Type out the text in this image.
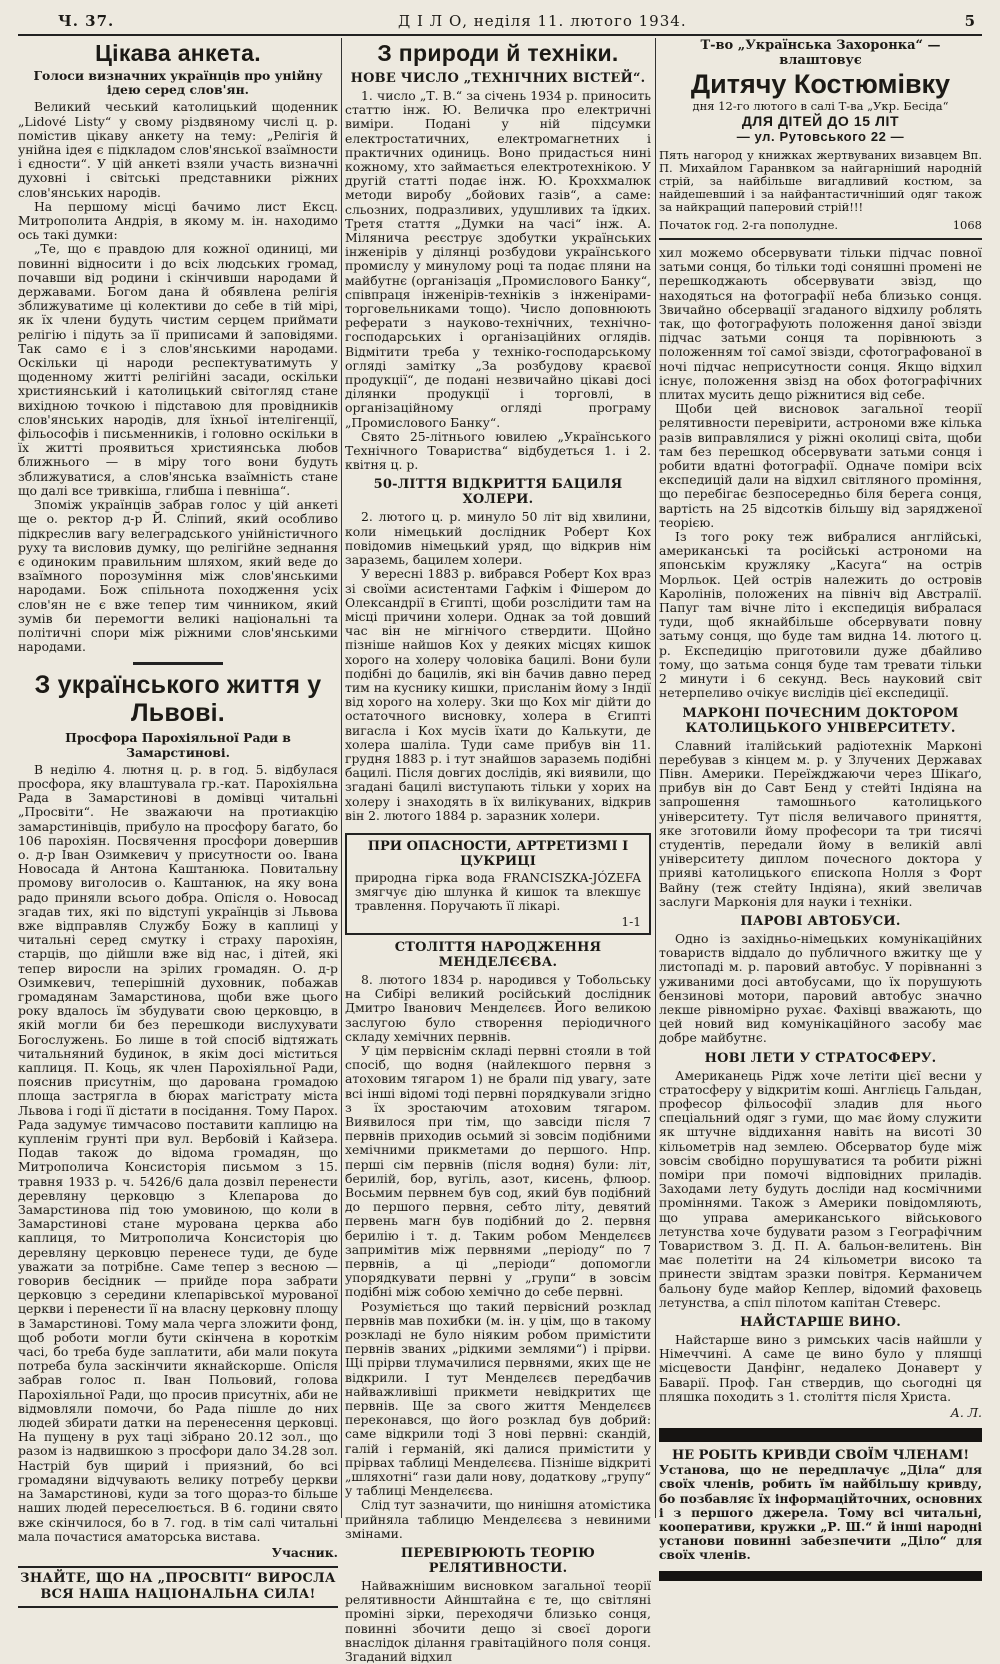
Ч. 37.	Д І Л О, неділя 11. лютого 1934.	5
Цікава анкета.
Голоси визначних українців про унійну ідею серед слов'ян.

Великий чеський католицький щоденник „Lidové Listy“ у свому різдвяному числі ц. р. помістив цікаву анкету на тему: „Релігія й унійна ідея є підкладом слов'янської взаїмности і єдности“. У цій анкеті взяли участь визначні духовні і світські представники ріжних слов'янських народів.

На першому місці бачимо лист Ексц. Митрополита Андрія, в якому м. ін. находимо ось такі думки:

„Те, що є правдою для кожної одиниці, ми повинні відносити і до всіх людських громад, почавши від родини і скінчивши народами й державами. Богом дана й обявлена релігія зближуватиме ці колективи до себе в тій мірі, як їх члени будуть чистим серцем приймати релігію і підуть за її приписами й заповідями. Так само є і з слов'янськими народами. Оскільки ці народи респектуватимуть у щоденному житті релігійні засади, оскільки християнський і католицький світогляд стане вихідною точкою і підставою для провідників слов'янських народів, для їхньої інтелігенції, фільософів і письменників, і головно оскільки в їх житті проявиться християнська любов ближнього — в міру того вони будуть зближуватися, а слов'янська взаїмність стане що далі все тривкіша, глибша і певніша“.

Зпоміж українців забрав голос у цій анкеті ще о. ректор д-р Й. Сліпий, який особливо підкреслив вагу велеградського унійністичного руху та висловив думку, що релігійне зеднання є одиноким правильним шляхом, який веде до взаїмного порозуміння між слов'янськими народами. Бож спільнота походження усіх слов'ян не є вже тепер тим чинником, який зумів би перемогти великі національні та політичні спори між ріжними слов'янськими народами.

З українського життя у Львові.
Просфора Парохіяльної Ради в Замарстинові.

В неділю 4. лютня ц. р. в год. 5. відбулася просфора, яку влаштувала гр.-кат. Парохіяльна Рада в Замарстинові в домівці читальні „Просвіти“. Не зважаючи на протиакцію замарстинівців, прибуло на просфору багато, бо 106 парохіян. Посвячення просфори довершив о. д-р Іван Озимкевич у присутности оо. Івана Новосада й Антона Каштанюка. Повитальну промову виголосив о. Каштанюк, на яку вона радо приняли всього добра. Опісля о. Новосад згадав тих, які по відступі українців зі Львова вже відправляв Службу Божу в каплиці у читальні серед смутку і страху парохіян, старців, що дійшли вже від нас, і дітей, які тепер виросли на зрілих громадян. О. д-р Озимкевич, теперішній духовник, побажав громадянам Замарстинова, щоби вже цього року вдалось їм збудувати свою церковцю, в якій могли би без перешкоди вислухувати Богослужень. Бо лише в той спосіб відтяжать читальняний будинок, в якім досі міститься каплиця. П. Коць, як член Парохіяльної Ради, пояснив присутнім, що дарована громадою площа застрягла в бюрах магістрату міста Львова і годі її дістати в посідання. Тому Парох. Рада задумує тимчасово поставити каплицю на купленім грунті при вул. Вербовій і Кайзера. Подав також до відома громадян, що Митрополича Консисторія письмом з 15. травня 1933 р. ч. 5426/6 дала дозвіл перенести деревляну церковцю з Клепарова до Замарстинова під тою умовиною, що коли в Замарстинові стане мурована церква або каплиця, то Митрополича Консисторія цю деревляну церковцю перенесе туди, де буде уважати за потрібне. Саме тепер з весною — говорив бесідник — прийде пора забрати церковцю з середини клепарівської мурованої церкви і перенести її на власну церковну площу в Замарстинові. Тому мала черга зложити фонд, щоб роботи могли бути скінчена в короткім часі, бо треба буде заплатити, аби мали покута потреба була заскінчити якнайскорше. Опісля забрав голос п. Іван Польовий, голова Парохіяльної Ради, що просив присутніх, аби не відмовляли помочи, бо Рада пішле до них людей збирати датки на перенесення церковці. На пущену в рух таці зібрано 20.12 зол., що разом із надвишкою з просфори дало 34.28 зол. Настрій був щирий і приязний, бо всі громадяни відчувають велику потребу церкви на Замарстинові, куди за того щораз-то більше наших людей переселюється. В 6. години свято вже скінчилося, бо в 7. год. в тім салі читальні мала почастися аматорська вистава.

Учасник.
ЗНАЙТЕ, ЩО НА „ПРОСВІТІ“ ВИРОСЛА ВСЯ НАША НАЦІОНАЛЬНА СИЛА!
З природи й техніки.
НОВЕ ЧИСЛО „ТЕХНІЧНИХ ВІСТЕЙ“.

1. число „Т. В.“ за січень 1934 р. приносить статтю інж. Ю. Величка про електричні виміри. Подані у ній підсумки електростатичних, електромагнетних і практичних одиниць. Воно придасться нині кожному, хто займається електротехнікою. У другій статті подає інж. Ю. Кроххмалюк методи виробу „бойових газів“, а саме: сльозних, подразливих, удушливих та їдких. Третя стаття „Думки на часі“ інж. А. Мілянича реєструє здобутки українських інженірів у ділянці розбудови українського промислу у минулому році та подає пляни на майбутнє (організація „Промислового Банку“, співпраця інженірів-техніків з інженірами-торговельниками тощо). Число доповнюють реферати з науково-технічних, технічно-господарських і організаційних оглядів. Відмітити треба у техніко-господарському огляді замітку „За розбудову краєвої продукції“, де подані незвичайно цікаві досі ділянки продукції і торговлі, в організаційному огляді програму „Промислового Банку“.

Свято 25-літнього ювилею „Українського Технічного Товариства“ відбудеться 1. і 2. квітня ц. р.

50-ЛІТТЯ ВІДКРИТТЯ БАЦИЛЯ ХОЛЕРИ.

2. лютого ц. р. минуло 50 літ від хвилини, коли німецький дослідник Роберт Кох повідомив німецький уряд, що відкрив нім зараземь, бацилем холери.

У вересні 1883 р. вибрався Роберт Кох враз зі своїми асистентами Гафкім і Фішером до Олександрії в Єгипті, щоби розслідити там на місці причини холери. Однак за той довший час він не мігнічого ствердити. Щойно пізніше найшов Кох у деяких місцях кишок хорого на холеру чоловіка бацилі. Вони були подібні до бацилів, які він бачив давно перед тим на куснику кишки, присланім йому з Індії від хорого на холеру. Зки що Кох міг дійти до остаточного висновку, холера в Єгипті вигасла і Кох мусів їхати до Калькути, де холера шаліла. Туди саме прибув він 11. грудня 1883 р. і тут знайшов зараземь подібні бацилі. Після довгих дослідів, які виявили, що згадані бацилі виступають тільки у хорих на холеру і знаходять в їх вилікуваних, відкрив він 2. лютого 1884 р. заразник холери.

ПРИ ОПАСНОСТИ, АРТРЕТИЗМІ І ЦУКРИЦІ

природна гірка вода FRANCISZKA-JÓZEFA змягчує дію шлунка й кишок та влекшує травлення. Поручають її лікарі.

1-1
СТОЛІТТЯ НАРОДЖЕННЯ МЕНДЕЛЄЄВА.

8. лютого 1834 р. народився у Тобольську на Сибірі великий російський дослідник Дмитро Іванович Менделєєв. Його великою заслугою було створення періодичного складу хемічних первнів.

У цім первіснім складі первні стояли в той спосіб, що водня (найлекшого первня з атоховим тягаром 1) не брали під увагу, зате всі інші відомі тоді первні порядкували згідно з їх зростаючим атоховим тягаром. Виявилося при тім, що завсіди після 7 первнів приходив осьмий зі зовсім подібними хемічними прикметами до першого. Нпр. перші сім первнів (після водня) були: літ, берилій, бор, вугіль, азот, кисень, флюор. Восьмим первнем був сод, який був подібний до першого первня, себто літу, девятий первень магн був подібний до 2. первня берилію і т. д. Таким робом Менделєєв запримітив між первнями „періоду“ по 7 первнів, а ці „періоди“ допомогли упорядкувати первні у „групи“ в зовсім подібні між собою хемічно до себе первні.

Розуміється що такий первісний розклад первнів мав похибки (м. ін. у цім, що в такому розкладі не було ніяким робом примістити первнів званих „рідкими землями“) і прірви. Щі прірви тлумачилися первнями, яких ще не відкрили. І тут Менделєєв передбачив найважливіші прикмети невідкритих ще первнів. Ще за свого життя Менделєєв переконався, що його розклад був добрий: саме відкрили тоді 3 нові первні: скандій, галій і германій, які далися примістити у прірвах таблиці Менделєєва. Пізніше відкриті „шляхотні“ гази дали нову, додаткову „групу“ у таблиці Менделєєва.

Слід тут зазначити, що нинішня атомістика прийняла таблицю Менделєєва з невиними змінами.

ПЕРЕВІРЮЮТЬ ТЕОРІЮ РЕЛЯТИВНОСТИ.

Найважнішим висновком загальної теорії релятивности Айнштайна є те, що світляні проміні зірки, переходячи близько сонця, повинні збочити дещо зі своєї дороги внаслідок ділання гравітаційного поля сонця. Згаданий відхил

Т-во „Українська Захоронка“ — влаштовує
Дитячу Костюмівку
дня 12-го лютого в салі Т-ва „Укр. Бесіда“
ДЛЯ ДІТЕЙ ДО 15 ЛІТ
— ул. Рутовського 22 —
Пять нагород у книжках жертвуваних визавцем Вп. П. Михайлом Гаранвком за найгарніший народній стрій, за найбільше вигадливий костюм, за найдешевший і за найфантастичніший одяг також за найкращий паперовий стрій!!!
Початок год. 2-га пополудне.	1068

хил можемо обсервувати тільки підчас повної затьми сонця, бо тільки тоді соняшні промені не перешкоджають обсервувати звізд, що находяться на фотографії неба близько сонця. Звичайно обсервації згаданого відхилу роблять так, що фотографують положення даної звізди підчас затьми сонця та порівнюють з положенням тої самої звізди, сфотографованої в ночі підчас неприсутности сонця. Якщо відхил існує, положення звізд на обох фотографічних плитах мусить дещо ріжнитися від себе.

Щоби цей висновок загальної теорії релятивности перевірити, астрономи вже кілька разів виправлялися у ріжні околиці світа, щоби там без перешкод обсервувати затьми сонця і робити вдатні фотографії. Одначе поміри всіх експедицій дали на відхил світляного проміння, що перебігає безпосередньо біля берега сонця, вартість на 25 відсотків більшу від зарядженої теорією.

Із того року теж вибралися англійські, американські та російські астрономи на японськім кружляку „Касуга“ на острів Морльок. Цей острів належить до островів Каролінів, положених на північ від Австралії. Папуг там вічне літо і експедиція вибралася туди, щоб якнайбільше обсервувати повну затьму сонця, що буде там видна 14. лютого ц. р. Експедицію приготовили дуже дбайливо тому, що затьма сонця буде там тревати тільки 2 минути і 6 секунд. Весь науковий світ нетерпеливо очікує вислідів цієї експедиції.

МАРКОНІ ПОЧЕСНИМ ДОКТОРОМ КАТОЛИЦЬКОГО УНІВЕРСИТЕТУ.

Славний італійський радіотехнік Марконі перебував з кінцем м. р. у Злучених Державах Півн. Америки. Переїжджаючи через Шікаґо, прибув він до Савт Бенд у стейті Індіяна на запрошення тамошнього католицького університету. Тут після величавого приняття, яке зготовили йому професори та три тисячі студентів, передали йому в великій авлі університету диплом почесного доктора у прияві католицького єпископа Нолля з Форт Вайну (теж стейту Індіяна), який звеличав заслуги Марконія для науки і техніки.

ПАРОВІ АВТОБУСИ.

Одно із західньо-німецьких комунікаційних товариств віддало до публичного вжитку ще у листопаді м. р. паровий автобус. У порівнанні з уживаними досі автобусами, що їх порушують бензинові мотори, паровий автобус значно лекше рівномірно рухає. Фахівці вважають, що цей новий вид комунікаційного засобу має добре майбутнє.

НОВІ ЛЕТИ У СТРАТОСФЕРУ.

Американець Рідж хоче летіти цієї весни у стратосферу у відкритім коші. Англієць Гальдан, професор фільософії зладив для нього спеціальний одяг з гуми, що має йому служити як штучне віддихання навіть на висоті 30 кільометрів над землею. Обсерватор буде між зовсім свобідно порушуватися та робити ріжні поміри при помочі відповідних приладів. Заходами лету будуть досліди над космічними проміннями. Також з Америки повідомляють, що управа американського військового летунства хоче будувати разом з Географічним Товариством З. Д. П. А. бальон-велитень. Він має полетіти на 24 кільометри високо та принести звідтам зразки повітря. Керманичем бальону буде майор Кеплер, відомий фаховець летунства, а спіл пілотом капітан Стеверс.

НАЙСТАРШЕ ВИНО.

Найстарше вино з римських часів найшли у Німеччині. А саме це вино було у пляшці місцевости Данфінг, недалеко Донаверт у Баварії. Проф. Ган ствердив, що сьогодні ця пляшка походить з 1. століття після Христа.

А. Л.
НЕ РОБІТЬ КРИВДИ СВОЇМ ЧЛЕНАМ!

Установа, що не передплачує „Діла“ для своїх членів, робить їм найбільшу кривду, бо позбавляє їх інформаційточних, основних і з першого джерела. Тому всі читальні, кооперативи, кружки „Р. Ш.“ й інші народні установи повинні забезпечити „Діло“ для своїх членів.
